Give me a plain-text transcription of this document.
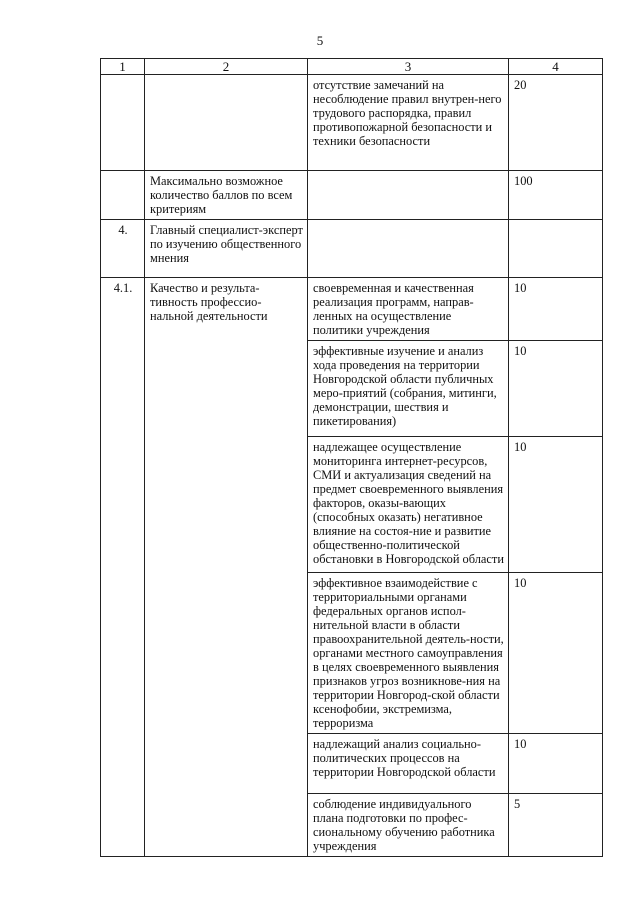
5
1	2	3	4
		отсутствие замечаний на несоблюдение правил внутрен-него трудового распорядка, правил противопожарной безопасности и техники безопасности	20
	Максимально возможное количество баллов по всем критериям		100
4.	Главный специалист-эксперт по изучению общественного мнения		
4.1.	Качество и результа-тивность профессио-нальной деятельности	своевременная и качественная реализация программ, направ-ленных на осуществление политики учреждения	10
		эффективные изучение и анализ хода проведения на территории Новгородской области публичных меро-приятий (собрания, митинги, демонстрации, шествия и пикетирования)	10
		надлежащее осуществление мониторинга интернет-ресурсов, СМИ и актуализация сведений на предмет своевременного выявления факторов, оказы-вающих (способных оказать) негативное влияние на состоя-ние и развитие общественно-политической обстановки в Новгородской области	10
		эффективное взаимодействие с территориальными органами федеральных органов испол-нительной власти в области правоохранительной деятель-ности, органами местного самоуправления в целях своевременного выявления признаков угроз возникнове-ния на территории Новгород-ской области ксенофобии, экстремизма, терроризма	10
		надлежащий анализ социально-политических процессов на территории Новгородской области	10
		соблюдение индивидуального плана подготовки по профес-сиональному обучению работника учреждения	5
